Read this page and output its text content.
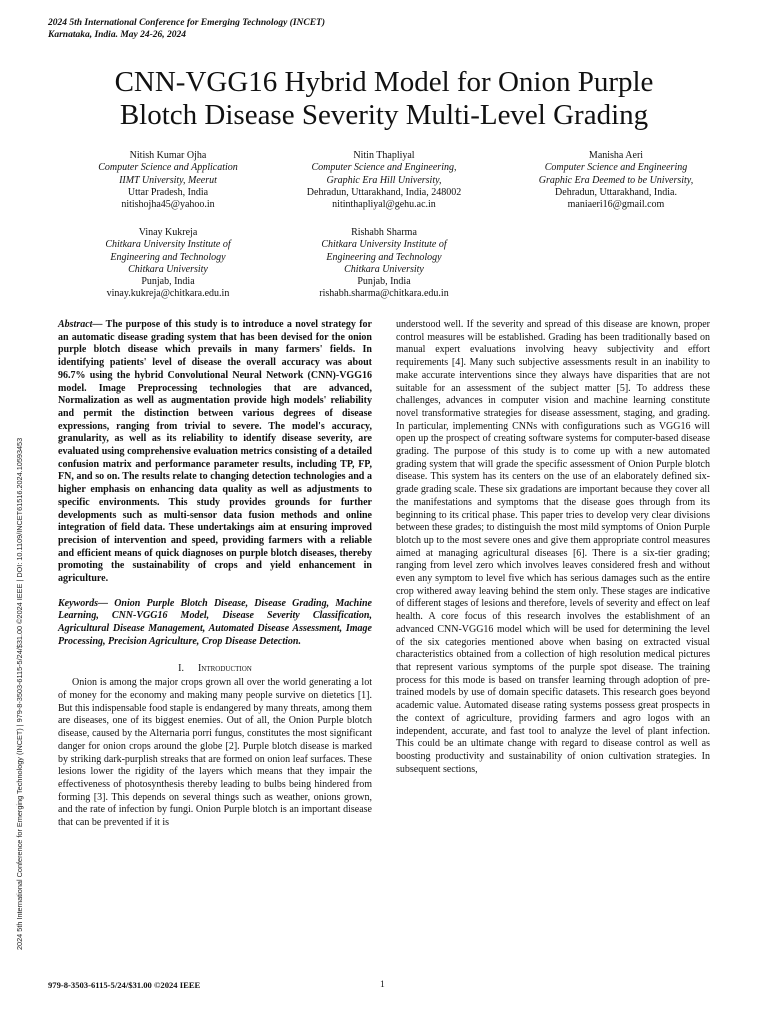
2024 5th International Conference for Emerging Technology (INCET)
Karnataka, India. May 24-26, 2024
CNN-VGG16 Hybrid Model for Onion Purple
Blotch Disease Severity Multi-Level Grading
Nitish Kumar Ojha
Computer Science and Application
IIMT University, Meerut
Uttar Pradesh, India
nitishojha45@yahoo.in
Nitin Thapliyal
Computer Science and Engineering,
Graphic Era Hill University,
Dehradun, Uttarakhand, India, 248002
nitinthapliyal@gehu.ac.in
Manisha Aeri
Computer Science and Engineering
Graphic Era Deemed to be University,
Dehradun, Uttarakhand, India.
maniaeri16@gmail.com
Vinay Kukreja
Chitkara University Institute of
Engineering and Technology
Chitkara University
Punjab, India
vinay.kukreja@chitkara.edu.in
Rishabh Sharma
Chitkara University Institute of
Engineering and Technology
Chitkara University
Punjab, India
rishabh.sharma@chitkara.edu.in
2024 5th International Conference for Emerging Technology (INCET) | 979-8-3503-6115-5/24/$31.00 ©2024 IEEE | DOI: 10.1109/INCET61516.2024.10593453
Abstract— The purpose of this study is to introduce a novel strategy for an automatic disease grading system that has been devised for the onion purple blotch disease which prevails in many farmers' fields. In identifying patients' level of disease the overall accuracy was about 96.7% using the hybrid Convolutional Neural Network (CNN)-VGG16 model. Image Preprocessing technologies that are advanced, Normalization as well as augmentation provide high models' reliability and permit the distinction between various degrees of disease expressions, ranging from trivial to severe. The model's accuracy, granularity, as well as its reliability to identify disease severity, are evaluated using comprehensive evaluation metrics consisting of a detailed confusion matrix and performance parameter results, including TP, FP, FN, and so on. The results relate to changing detection technologies and a higher emphasis on enhancing data quality as well as adjustments to specific environments. This study provides grounds for further developments such as multi-sensor data fusion methods and online integration of field data. These undertakings aim at ensuring improved precision of intervention and speed, providing farmers with a reliable and efficient means of quick diagnoses on purple blotch diseases, thereby promoting the sustainability of crops and yield enhancement in agriculture.
Keywords— Onion Purple Blotch Disease, Disease Grading, Machine Learning, CNN-VGG16 Model, Disease Severity Classification, Agricultural Disease Management, Automated Disease Assessment, Image Processing, Precision Agriculture, Crop Disease Detection.
I. Introduction
Onion is among the major crops grown all over the world generating a lot of money for the economy and making many people survive on dietetics [1]. But this indispensable food staple is endangered by many threats, among them are diseases, one of its biggest enemies. Out of all, the Onion Purple blotch disease, caused by the Alternaria porri fungus, constitutes the most significant danger for onion crops around the globe [2]. Purple blotch disease is marked by striking dark-purplish streaks that are formed on onion leaf surfaces. These lesions lower the rigidity of the layers which means that they impair the effectiveness of photosynthesis thereby leading to bulbs being hindered from forming [3]. This depends on several things such as weather, onions grown, and the rate of infection by fungi. Onion Purple blotch is an important disease that can be prevented if it is
understood well. If the severity and spread of this disease are known, proper control measures will be established. Grading has been traditionally based on manual expert evaluations involving heavy subjectivity and effort requirements [4]. Many such subjective assessments result in an inability to make accurate interventions since they always have disparities that are not suitable for an assessment of the subject matter [5]. To address these challenges, advances in computer vision and machine learning constitute novel transformative strategies for disease assessment, staging, and grading. In particular, implementing CNNs with configurations such as VGG16 will open up the prospect of creating software systems for computer-based disease grading. The purpose of this study is to come up with a new automated grading system that will grade the specific assessment of Onion Purple blotch disease. This system has its centers on the use of an elaborately defined six-grade grading scale. These six gradations are important because they cover all the manifestations and symptoms that the disease goes through from its beginning to its critical phase. This paper tries to develop very clear divisions between these grades; to distinguish the most mild symptoms of Onion Purple blotch up to the most severe ones and give them appropriate control measures aimed at managing agricultural diseases [6]. There is a six-tier grading; ranging from level zero which involves leaves considered fresh and without even any symptom to level five which has serious damages such as the entire crop withered away leaving behind the stem only. These stages are indicative of different stages of lesions and therefore, levels of severity and effect on leaf health. A core focus of this research involves the establishment of an advanced CNN-VGG16 model which will be used for determining the level of the six categories mentioned above when basing on extracted visual characteristics obtained from a collection of high resolution medical pictures that represent various symptoms of the purple spot disease. The training process for this mode is based on transfer learning through adoption of pre-trained models by use of domain specific datasets. This research goes beyond academic value. Automated disease rating systems possess great prospects in the context of agriculture, providing farmers and agro logos with an independent, accurate, and fast tool to analyze the level of plant infection. This could be an ultimate change with regard to disease control as well as boosting productivity and sustainability of onion cultivation strategies. In subsequent sections,
979-8-3503-6115-5/24/$31.00 ©2024 IEEE	1
